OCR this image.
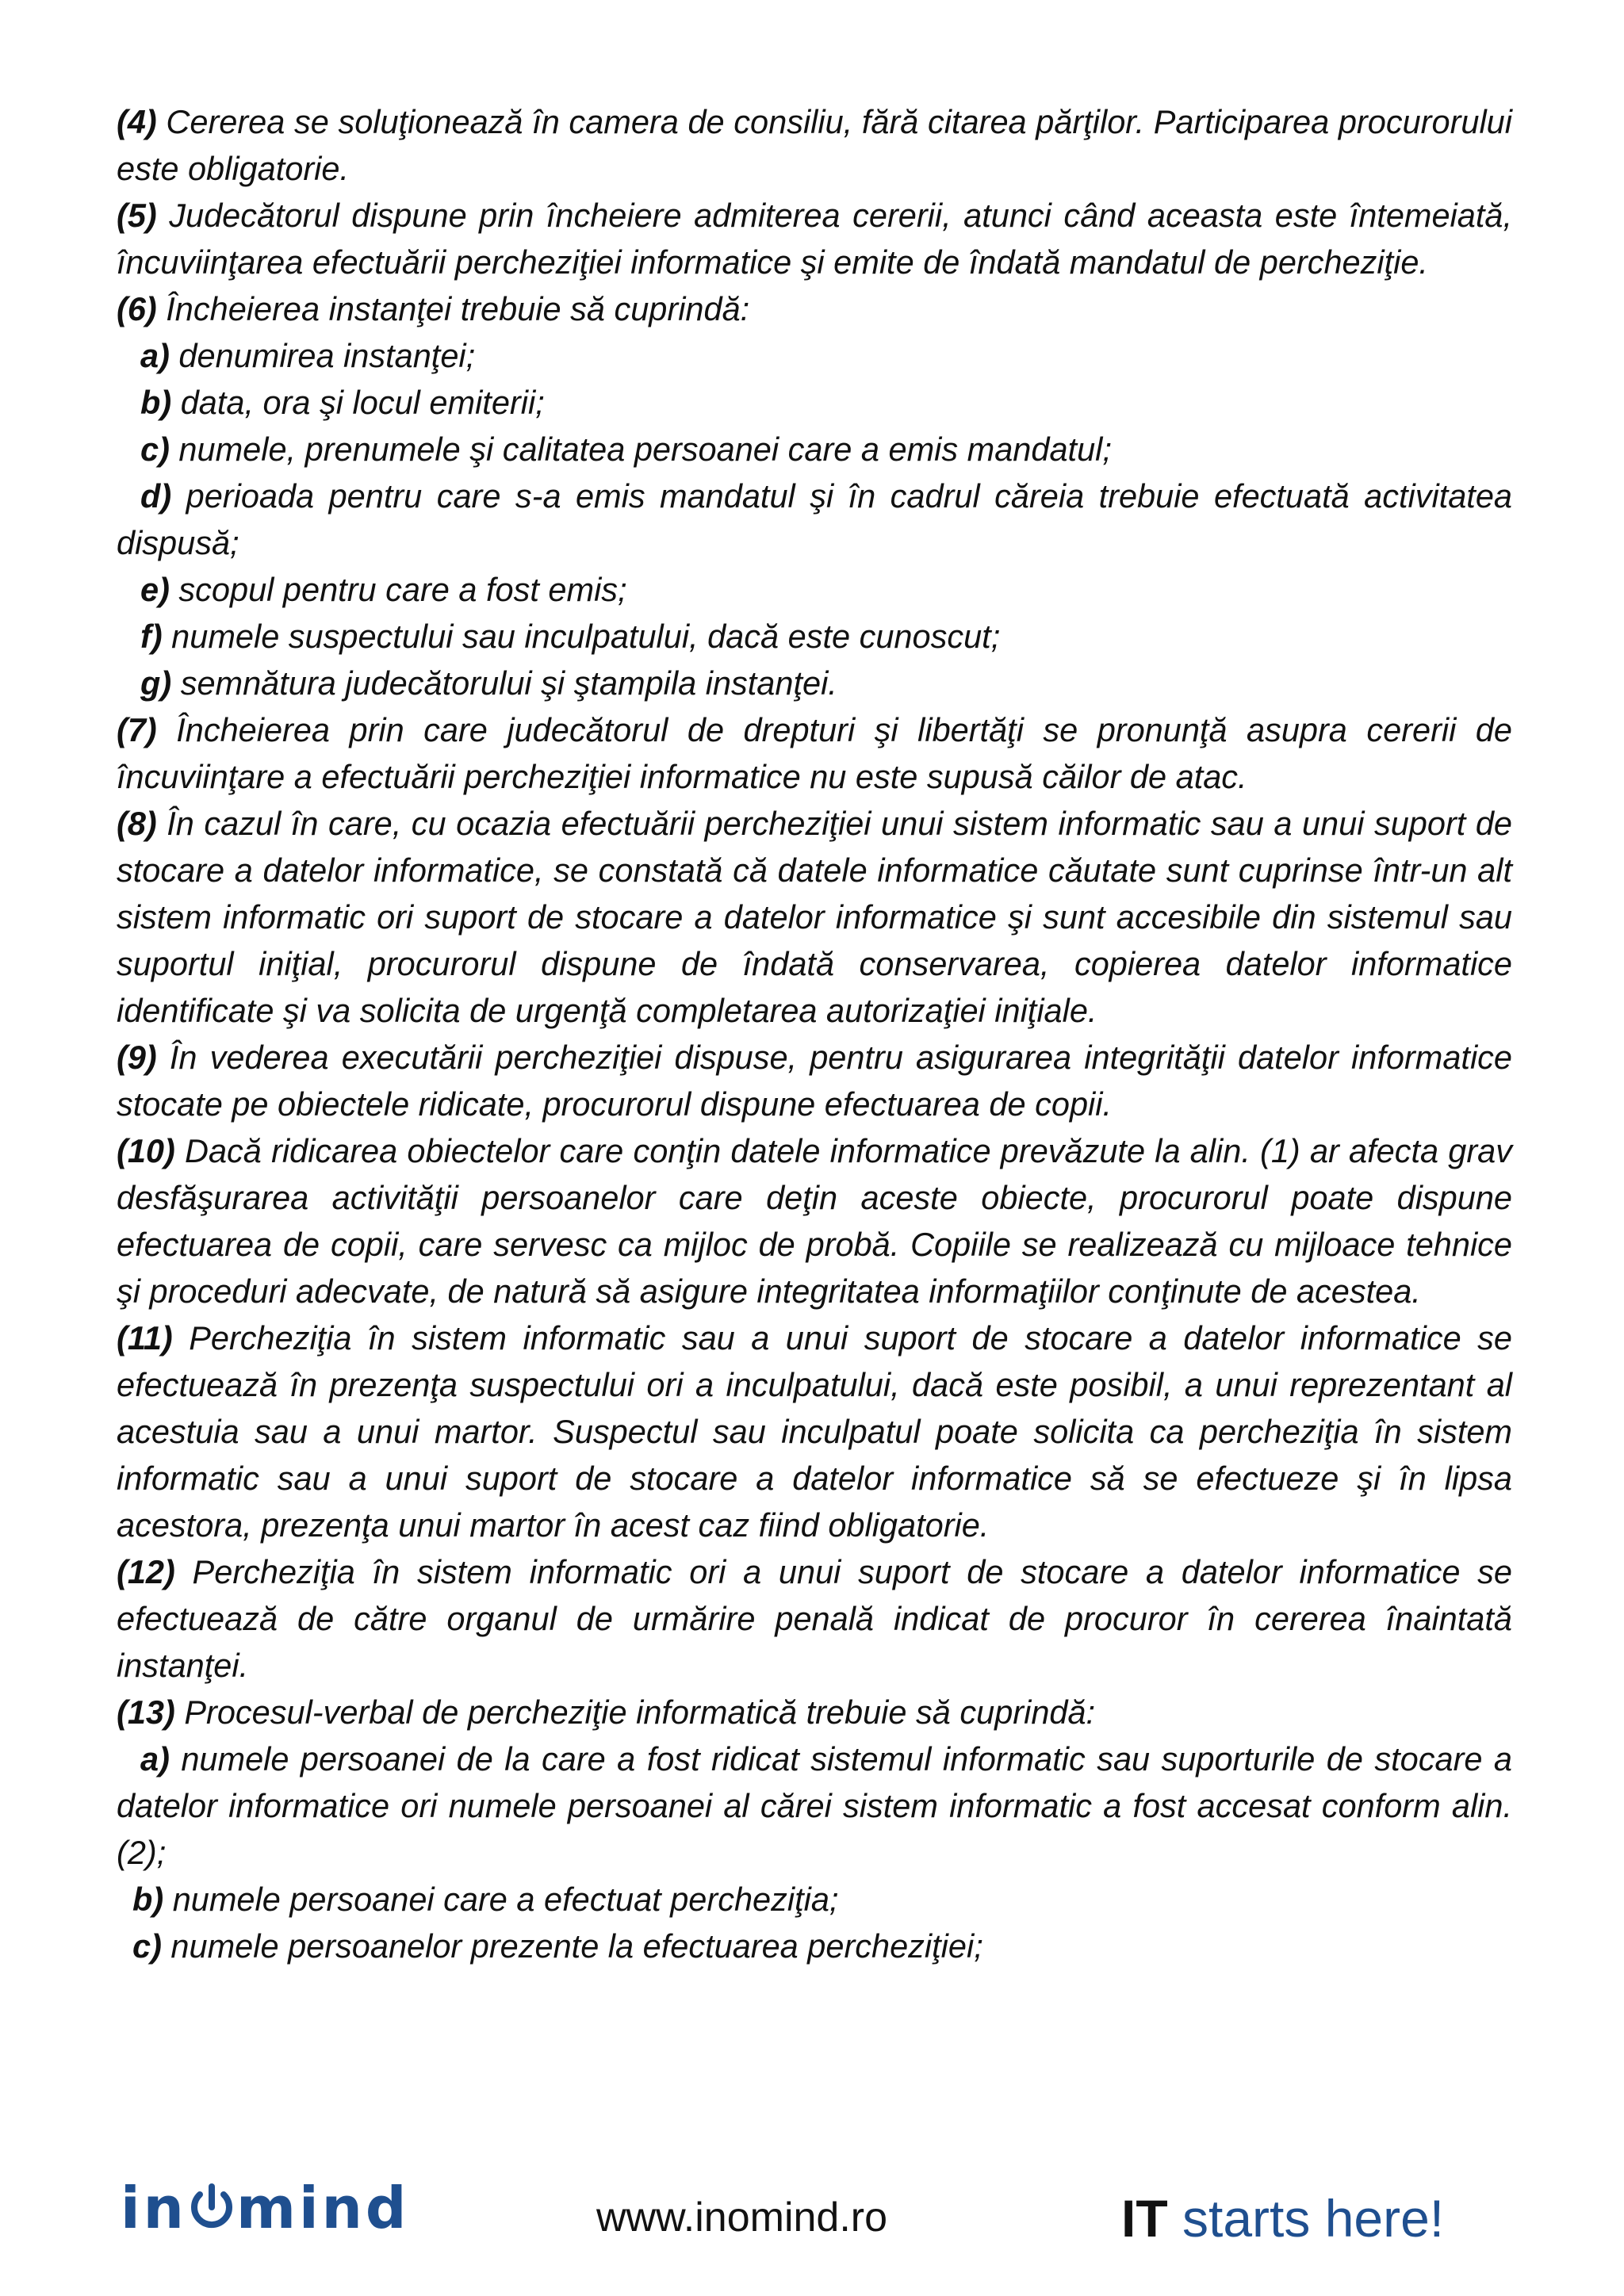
(4) Cererea se soluţionează în camera de consiliu, fără citarea părţilor. Participarea procurorului este obligatorie.

(5) Judecătorul dispune prin încheiere admiterea cererii, atunci când aceasta este întemeiată, încuviinţarea efectuării percheziţiei informatice şi emite de îndată mandatul de percheziţie.

(6) Încheierea instanţei trebuie să cuprindă:

a) denumirea instanţei;

b) data, ora şi locul emiterii;

c) numele, prenumele şi calitatea persoanei care a emis mandatul;

d) perioada pentru care s-a emis mandatul şi în cadrul căreia trebuie efectuată activitatea dispusă;

e) scopul pentru care a fost emis;

f) numele suspectului sau inculpatului, dacă este cunoscut;

g) semnătura judecătorului şi ştampila instanţei.

(7) Încheierea prin care judecătorul de drepturi şi libertăţi se pronunţă asupra cererii de încuviinţare a efectuării percheziţiei informatice nu este supusă căilor de atac.

(8) În cazul în care, cu ocazia efectuării percheziţiei unui sistem informatic sau a unui suport de stocare a datelor informatice, se constată că datele informatice căutate sunt cuprinse într-un alt sistem informatic ori suport de stocare a datelor informatice şi sunt accesibile din sistemul sau suportul iniţial, procurorul dispune de îndată conservarea, copierea datelor informatice identificate şi va solicita de urgenţă completarea autorizaţiei iniţiale.

(9) În vederea executării percheziţiei dispuse, pentru asigurarea integrităţii datelor informatice stocate pe obiectele ridicate, procurorul dispune efectuarea de copii.

(10) Dacă ridicarea obiectelor care conţin datele informatice prevăzute la alin. (1) ar afecta grav desfăşurarea activităţii persoanelor care deţin aceste obiecte, procurorul poate dispune efectuarea de copii, care servesc ca mijloc de probă. Copiile se realizează cu mijloace tehnice şi proceduri adecvate, de natură să asigure integritatea informaţiilor conţinute de acestea.

(11) Percheziţia în sistem informatic sau a unui suport de stocare a datelor informatice se efectuează în prezenţa suspectului ori a inculpatului, dacă este posibil, a unui reprezentant al acestuia sau a unui martor. Suspectul sau inculpatul poate solicita ca percheziţia în sistem informatic sau a unui suport de stocare a datelor informatice să se efectueze şi în lipsa acestora, prezenţa unui martor în acest caz fiind obligatorie.

(12) Percheziţia în sistem informatic ori a unui suport de stocare a datelor informatice se efectuează de către organul de urmărire penală indicat de procuror în cererea înaintată instanţei.

(13) Procesul-verbal de percheziţie informatică trebuie să cuprindă:

a) numele persoanei de la care a fost ridicat sistemul informatic sau suporturile de stocare a datelor informatice ori numele persoanei al cărei sistem informatic a fost accesat conform alin. (2);

b) numele persoanei care a efectuat percheziţia;

c) numele persoanelor prezente la efectuarea percheziţiei;

in mind	www.inomind.ro	IT starts here!
